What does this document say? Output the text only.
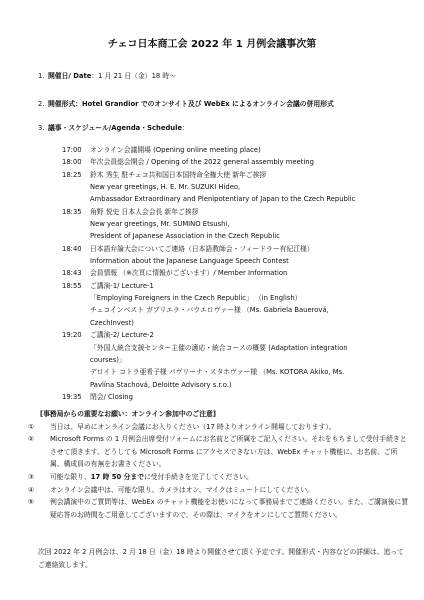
チェコ日本商工会 2022 年 1 月例会議事次第
1. 開催日/ Date：1 月 21 日（金）18 時～
2. 開催形式：Hotel Grandior でのオンサイト及び WebEx によるオンライン会議の併用形式
3. 議事・スケジュール/Agenda・Schedule：
17:00	オンライン会議開場 (Opening online meeting place)
18:00	年次会員総会開会 / Opening of the 2022 general assembly meeting
18:25	鈴木 秀生 駐チェコ共和国日本国特命全権大使 新年ご挨拶
New year greetings, H. E. Mr. SUZUKI Hideo,
Ambassador Extraordinary and Plenipotentiary of Japan to the Czech Republic
18:35	角野 悦史 日本人会会長 新年ご挨拶
New year greetings, Mr. SUMINO Etsushi,
President of Japanese Association in the Czech Republic
18:40	日本語弁論大会についてご連絡（日本語教師会・フィードラー有紀江様）
Information about the Japanese Language Speech Contest
18:43	会員情報 （※次頁に情報がございます）/ Member Information
18:55	ご講演-1/ Lecture-1
「Employing Foreigners in the Czech Republic」 （in English）
チェコインベスト ガブリエラ・バウエロヴァー様 （Ms. Gabriela Bauerová,
CzechInvest)
19:20	ご講演-2/ Lecture-2
「外国人統合支援センター主催の適応・統合コースの概要 (Adaptation integration
courses)」
デロイト コトラ亜希子様 パヴリーナ・スタホヴァー様 （Ms. KOTORA Akiko, Ms.
Pavlína Stachová, Deloitte Advisory s.r.o.)
19:35	閉会/ Closing
[事務局からの重要なお願い：オンライン参加中のご注意]
①	当日は、早めにオンライン会議にお入りください（17 時よりオンライン開場しております）。
②	Microsoft Forms の 1 月例会出席受付フォームにお名前とご所属をご記入ください。それをもちまして受付手続きとさせて頂きます。どうしても Microsoft Forms にアクセスできない方は、WebEx チャット機能に、お名前、ご所属、構成員の有無をお書きください。
③	可能な限り、17 時 50 分までに受付手続きを完了してください。
④	オンライン会議中は、可能な限り、カメラはオン、マイクはミュートにしてください。
⑤	例会講演中のご質問等は、WebEx のチャット機能をお使いになって事務局までご連絡ください。また、ご講演後に質疑応答のお時間をご用意してございますので、その際は、マイクをオンにしてご質問ください。
次回 2022 年 2 月例会は、2 月 18 日（金）18 時より開催させて頂く予定です。開催形式・内容などの詳細は、追ってご連絡致します。
